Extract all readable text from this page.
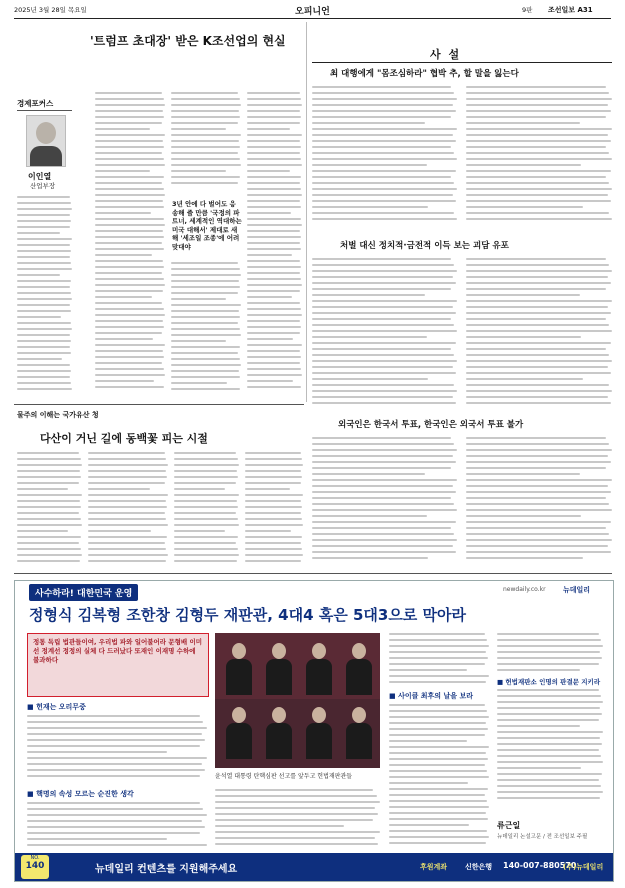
2025년 3월 28일 목요일	오피니언	9판 조선일보 A31
'트럼프 초대장' 받은 K조선업의 현실
경제포커스
이인열
산업부장
3년 안에 다 벌어도 응송해 줄 만큼 '국정의 파트너, 세계적인 역대하는 미국 대해서' 제대로 새 해 '세조일 조종'에 어려 맞대야
물주의 이해는 국가유산 청
다산이 거닌 길에 동백꽃 피는 시절
사 설
최 대행에게 "몸조심하라" 협박 추, 할 말을 잃는다
처벌 대신 정치적·금전적 이득 보는 괴담 유포
외국인은 한국서 투표, 한국인은 외국서 투표 불가
사수하라! 대한민국 운영	newdaily.co.kr 뉴데일리
정형식 김복형 조한창 김형두 재판관, 4대4 혹은 5대3으로 막아라
정통 독립 법관들이여, 우리법 파와 일어불어라 문형배 이미선 정계선 정정의 실체 다 드러났다 또재인 이재명 수하에 불과하다
■ 헌재는 오리무중
■ 핵명의 속성 모르는 순진한 생각
윤석열 대통령 탄핵심판 선고를 앞두고 헌법재판관들
■ 사이클 최후의 날을 보라
■ 헌법재판소 인명의 판결문 지키라
류근일
뉴데일리 논설고문 / 전 조선일보 주필
NO.
140	뉴데일리 컨텐츠를 지원해주세요	후원계좌	신한은행 140-007-880570
(주)뉴데일리
